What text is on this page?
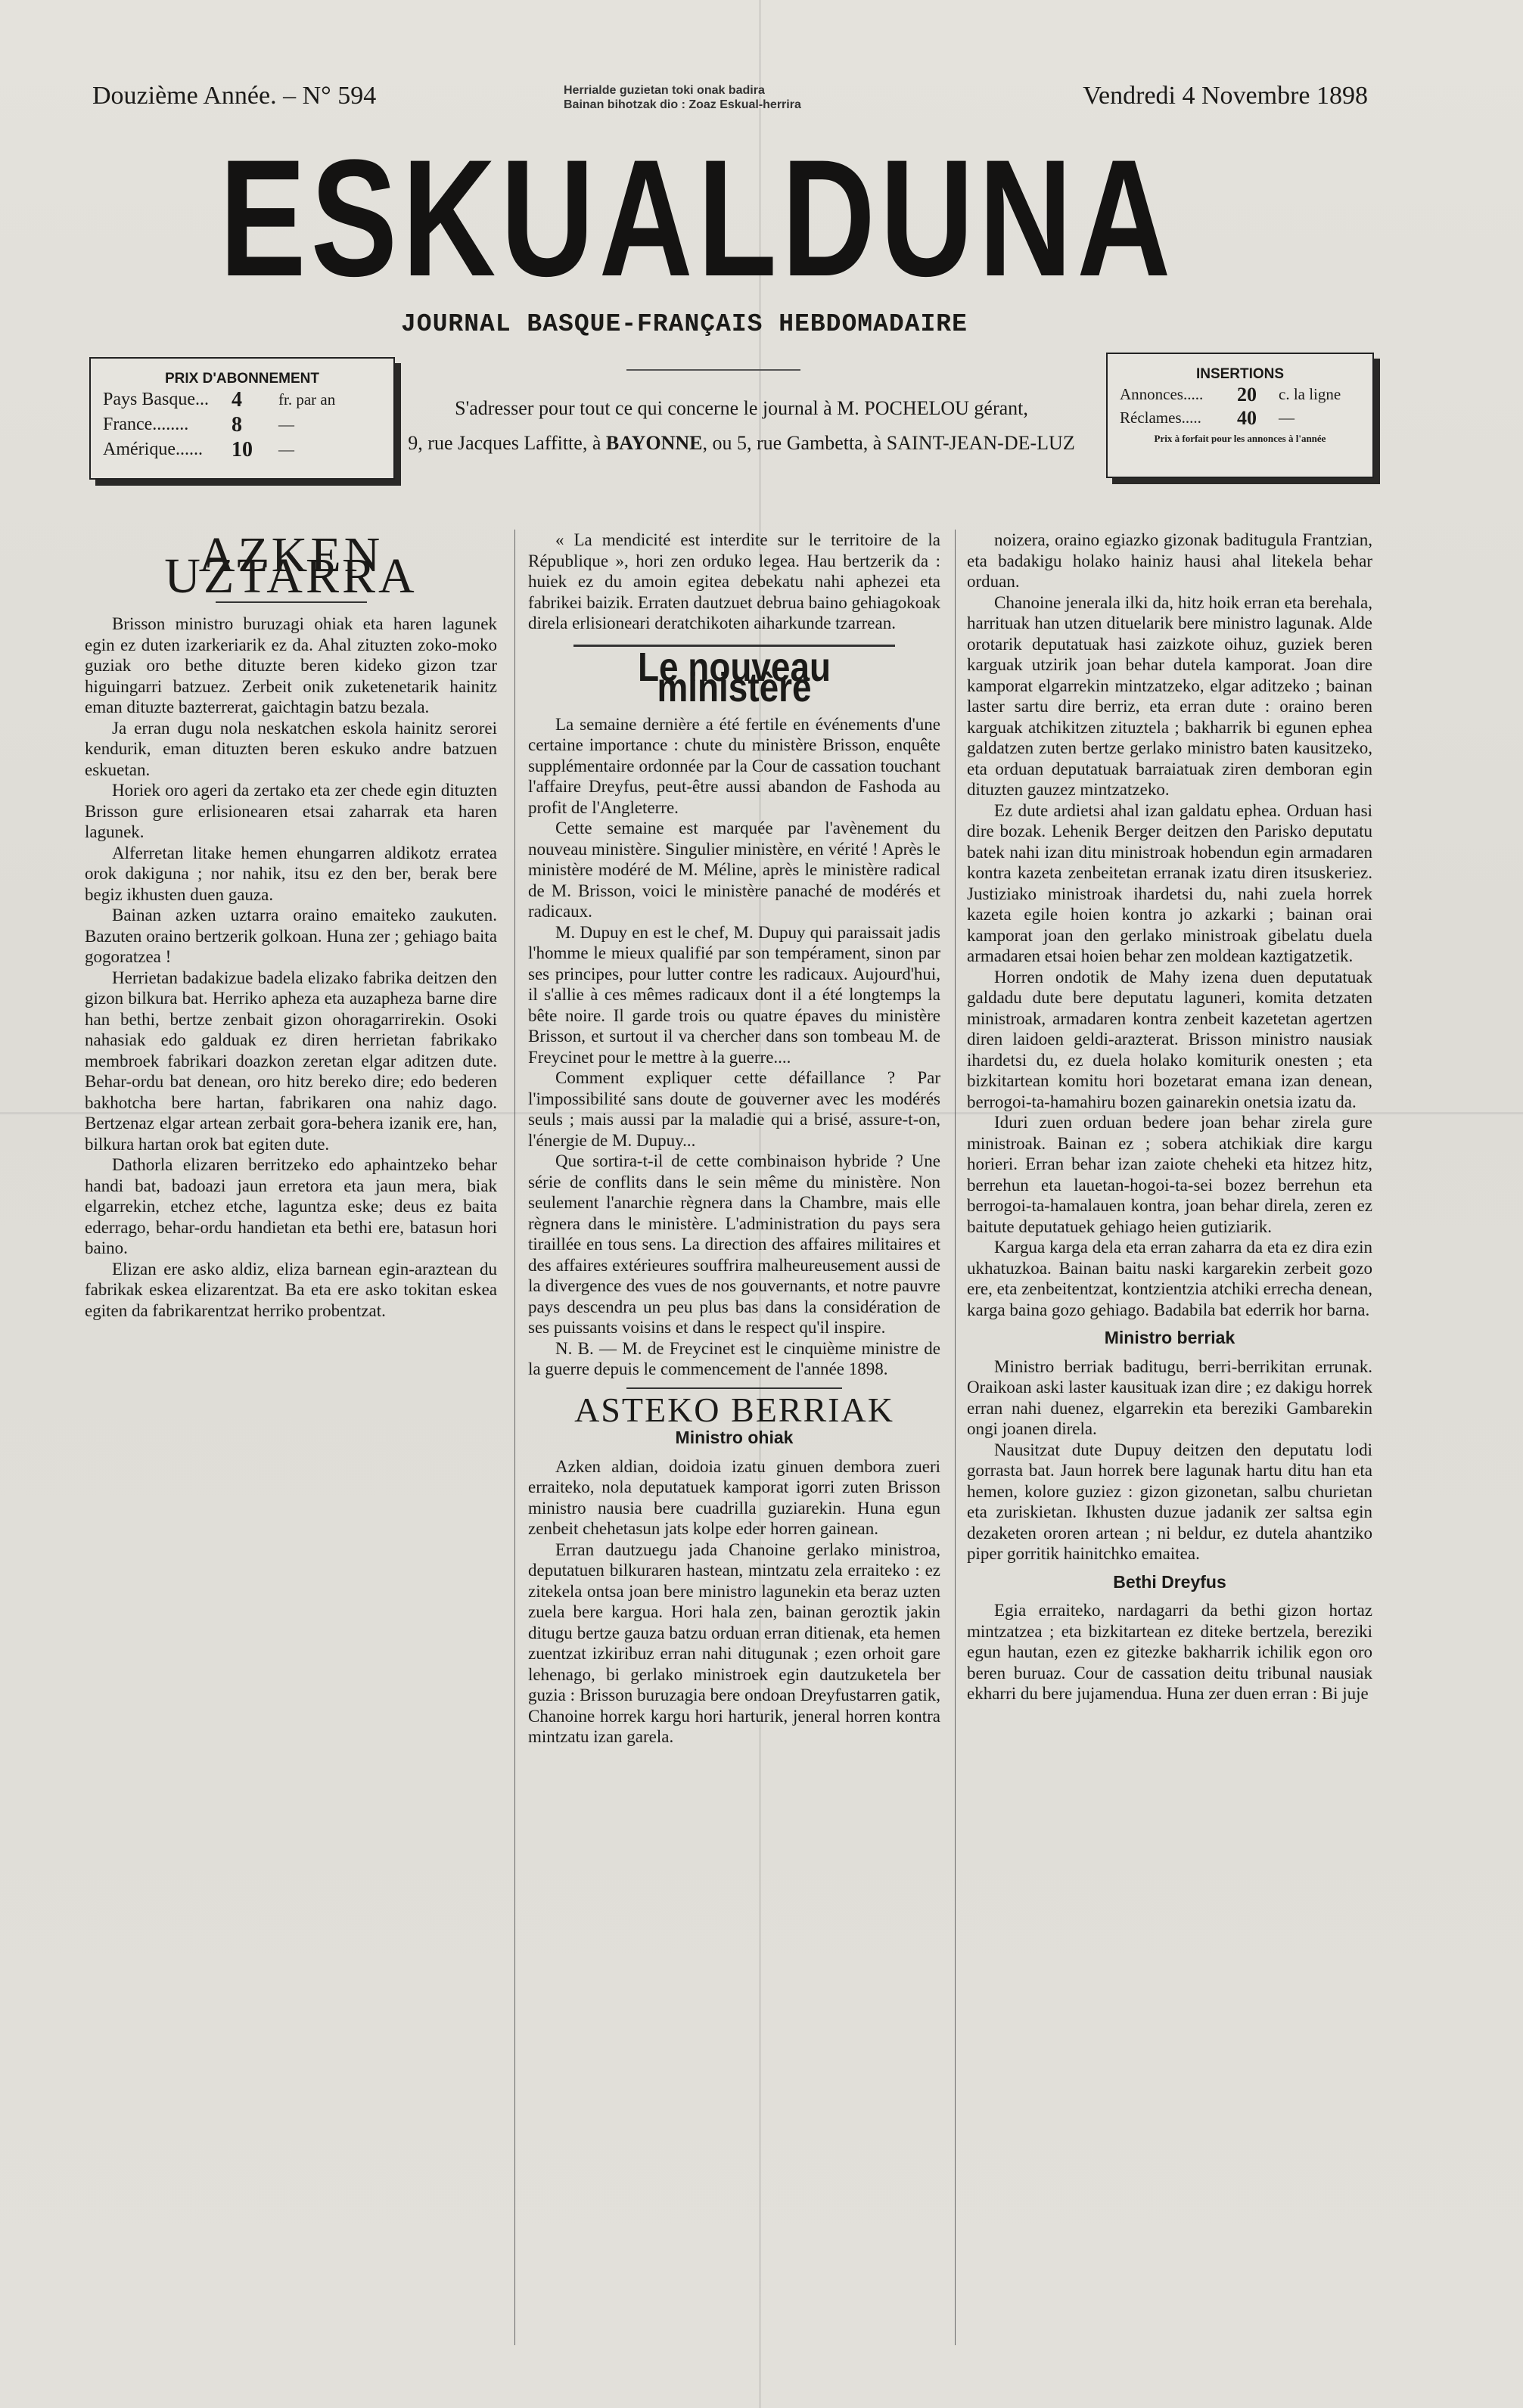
Douzième Année. – N° 594	Herrialde guzietan toki onak badira
Bainan bihotzak dio : Zoaz Eskual-herrira	Vendredi 4 Novembre 1898
ESKUALDUNA
JOURNAL BASQUE-FRANÇAIS HEBDOMADAIRE
PRIX D'ABONNEMENT
Pays Basque...	4	fr. par an
France........	8	—
Amérique......	10	—
S'adresser pour tout ce qui concerne le journal à M. POCHELOU gérant,
9, rue Jacques Laffitte, à BAYONNE, ou 5, rue Gambetta, à SAINT-JEAN-DE-LUZ
INSERTIONS
Annonces.....	20	c. la ligne
Réclames.....	40	—
Prix à forfait pour les annonces à l'année
AZKEN UZTARRA

Brisson ministro buruzagi ohiak eta haren lagunek egin ez duten izarkeriarik ez da. Ahal zituzten zoko-moko guziak oro bethe dituzte beren kideko gizon tzar higuingarri batzuez. Zerbeit onik zuketenetarik hainitz eman dituzte bazterrerat, gaichtagin batzu bezala.

Ja erran dugu nola neskatchen eskola hainitz serorei kendurik, eman dituzten beren eskuko andre batzuen eskuetan.

Horiek oro ageri da zertako eta zer chede egin dituzten Brisson gure erlisionearen etsai zaharrak eta haren lagunek.

Alferretan litake hemen ehungarren aldikotz erratea orok dakiguna ; nor nahik, itsu ez den ber, berak bere begiz ikhusten duen gauza.

Bainan azken uztarra oraino emaiteko zaukuten. Bazuten oraino bertzerik golkoan. Huna zer ; gehiago baita gogoratzea !

Herrietan badakizue badela elizako fabrika deitzen den gizon bilkura bat. Herriko apheza eta auzapheza barne dire han bethi, bertze zenbait gizon ohoragarrirekin. Osoki nahasiak edo galduak ez diren herrietan fabrikako membroek fabrikari doazkon zeretan elgar aditzen dute. Behar-ordu bat denean, oro hitz bereko dire; edo bederen bakhotcha bere hartan, fabrikaren ona nahiz dago. Bertzenaz elgar artean zerbait gora-behera izanik ere, han, bilkura hartan orok bat egiten dute.

Dathorla elizaren berritzeko edo aphaintzeko behar handi bat, badoazi jaun erretora eta jaun mera, biak elgarrekin, etchez etche, laguntza eske; deus ez baita ederrago, behar-ordu handietan eta bethi ere, batasun hori baino.

Elizan ere asko aldiz, eliza barnean egin-araztean du fabrikak eskea elizarentzat. Ba eta ere asko tokitan eskea egiten da fabrikarentzat herriko probentzat.

« La mendicité est interdite sur le territoire de la République », hori zen orduko legea. Hau bertzerik da : huiek ez du amoin egitea debekatu nahi aphezei eta fabrikei baizik. Erraten dautzuet debrua baino gehiagokoak direla erlisioneari deratchikoten aiharkunde tzarrean.

Le nouveau ministère

La semaine dernière a été fertile en événements d'une certaine importance : chute du ministère Brisson, enquête supplémentaire ordonnée par la Cour de cassation touchant l'affaire Dreyfus, peut-être aussi abandon de Fashoda au profit de l'Angleterre.

Cette semaine est marquée par l'avènement du nouveau ministère. Singulier ministère, en vérité ! Après le ministère modéré de M. Méline, après le ministère radical de M. Brisson, voici le ministère panaché de modérés et radicaux.

M. Dupuy en est le chef, M. Dupuy qui paraissait jadis l'homme le mieux qualifié par son tempérament, sinon par ses principes, pour lutter contre les radicaux. Aujourd'hui, il s'allie à ces mêmes radicaux dont il a été longtemps la bête noire. Il garde trois ou quatre épaves du ministère Brisson, et surtout il va chercher dans son tombeau M. de Freycinet pour le mettre à la guerre....

Comment expliquer cette défaillance ? Par l'impossibilité sans doute de gouverner avec les modérés seuls ; mais aussi par la maladie qui a brisé, assure-t-on, l'énergie de M. Dupuy...

Que sortira-t-il de cette combinaison hybride ? Une série de conflits dans le sein même du ministère. Non seulement l'anarchie règnera dans la Chambre, mais elle règnera dans le ministère. L'administration du pays sera tiraillée en tous sens. La direction des affaires militaires et des affaires extérieures souffrira malheureusement aussi de la divergence des vues de nos gouvernants, et notre pauvre pays descendra un peu plus bas dans la considération de ses puissants voisins et dans le respect qu'il inspire.

N. B. — M. de Freycinet est le cinquième ministre de la guerre depuis le commencement de l'année 1898.

ASTEKO BERRIAK
Ministro ohiak

Azken aldian, doidoia izatu ginuen dembora zueri erraiteko, nola deputatuek kamporat igorri zuten Brisson ministro nausia bere cuadrilla guziarekin. Huna egun zenbeit chehetasun jats kolpe eder horren gainean.

Erran dautzuegu jada Chanoine gerlako ministroa, deputatuen bilkuraren hastean, mintzatu zela erraiteko : ez zitekela ontsa joan bere ministro lagunekin eta beraz uzten zuela bere kargua. Hori hala zen, bainan geroztik jakin ditugu bertze gauza batzu orduan erran ditienak, eta hemen zuentzat izkiribuz erran nahi ditugunak ; ezen orhoit gare lehenago, bi gerlako ministroek egin dautzuketela ber guzia : Brisson buruzagia bere ondoan Dreyfustarren gatik, Chanoine horrek kargu hori harturik, jeneral horren kontra mintzatu izan garela.

noizera, oraino egiazko gizonak baditugula Frantzian, eta badakigu holako hainiz hausi ahal litekela behar orduan.

Chanoine jenerala ilki da, hitz hoik erran eta berehala, harrituak han utzen dituelarik bere ministro lagunak. Alde orotarik deputatuak hasi zaizkote oihuz, guziek beren karguak utzirik joan behar dutela kamporat. Joan dire kamporat elgarrekin mintzatzeko, elgar aditzeko ; bainan laster sartu dire berriz, eta erran dute : oraino beren karguak atchikitzen zituztela ; bakharrik bi egunen ephea galdatzen zuten bertze gerlako ministro baten kausitzeko, eta orduan deputatuak barraiatuak ziren demboran egin dituzten gauzez mintzatzeko.

Ez dute ardietsi ahal izan galdatu ephea. Orduan hasi dire bozak. Lehenik Berger deitzen den Parisko deputatu batek nahi izan ditu ministroak hobendun egin armadaren kontra kazeta zenbeitetan erranak izatu diren itsuskeriez. Justiziako ministroak ihardetsi du, nahi zuela horrek kazeta egile hoien kontra jo azkarki ; bainan orai kamporat joan den gerlako ministroak gibelatu duela armadaren etsai hoien behar zen moldean kaztigatzetik.

Horren ondotik de Mahy izena duen deputatuak galdadu dute bere deputatu laguneri, komita detzaten ministroak, armadaren kontra zenbeit kazetetan agertzen diren laidoen geldi-arazterat. Brisson ministro nausiak ihardetsi du, ez duela holako komiturik onesten ; eta bizkitartean komitu hori bozetarat emana izan denean, berrogoi-ta-hamahiru bozen gainarekin onetsia izatu da.

Iduri zuen orduan bedere joan behar zirela gure ministroak. Bainan ez ; sobera atchikiak dire kargu horieri. Erran behar izan zaiote cheheki eta hitzez hitz, berrehun eta lauetan-hogoi-ta-sei bozez berrehun eta berrogoi-ta-hamalauen kontra, joan behar direla, zeren ez baitute deputatuek gehiago heien gutiziarik.

Kargua karga dela eta erran zaharra da eta ez dira ezin ukhatuzkoa. Bainan baitu naski kargarekin zerbeit gozo ere, eta zenbeitentzat, kontzientzia atchiki errecha denean, karga baina gozo gehiago. Badabila bat ederrik hor barna.

Ministro berriak

Ministro berriak baditugu, berri-berrikitan errunak. Oraikoan aski laster kausituak izan dire ; ez dakigu horrek erran nahi duenez, elgarrekin eta bereziki Gambarekin ongi joanen direla.

Nausitzat dute Dupuy deitzen den deputatu lodi gorrasta bat. Jaun horrek bere lagunak hartu ditu han eta hemen, kolore guziez : gizon gizonetan, salbu churietan eta zuriskietan. Ikhusten duzue jadanik zer saltsa egin dezaketen ororen artean ; ni beldur, ez dutela ahantziko piper gorritik hainitchko emaitea.

Bethi Dreyfus

Egia erraiteko, nardagarri da bethi gizon hortaz mintzatzea ; eta bizkitartean ez diteke bertzela, bereziki egun hautan, ezen ez gitezke bakharrik ichilik egon oro beren buruaz. Cour de cassation deitu tribunal nausiak ekharri du bere jujamendua. Huna zer duen erran : Bi juje
